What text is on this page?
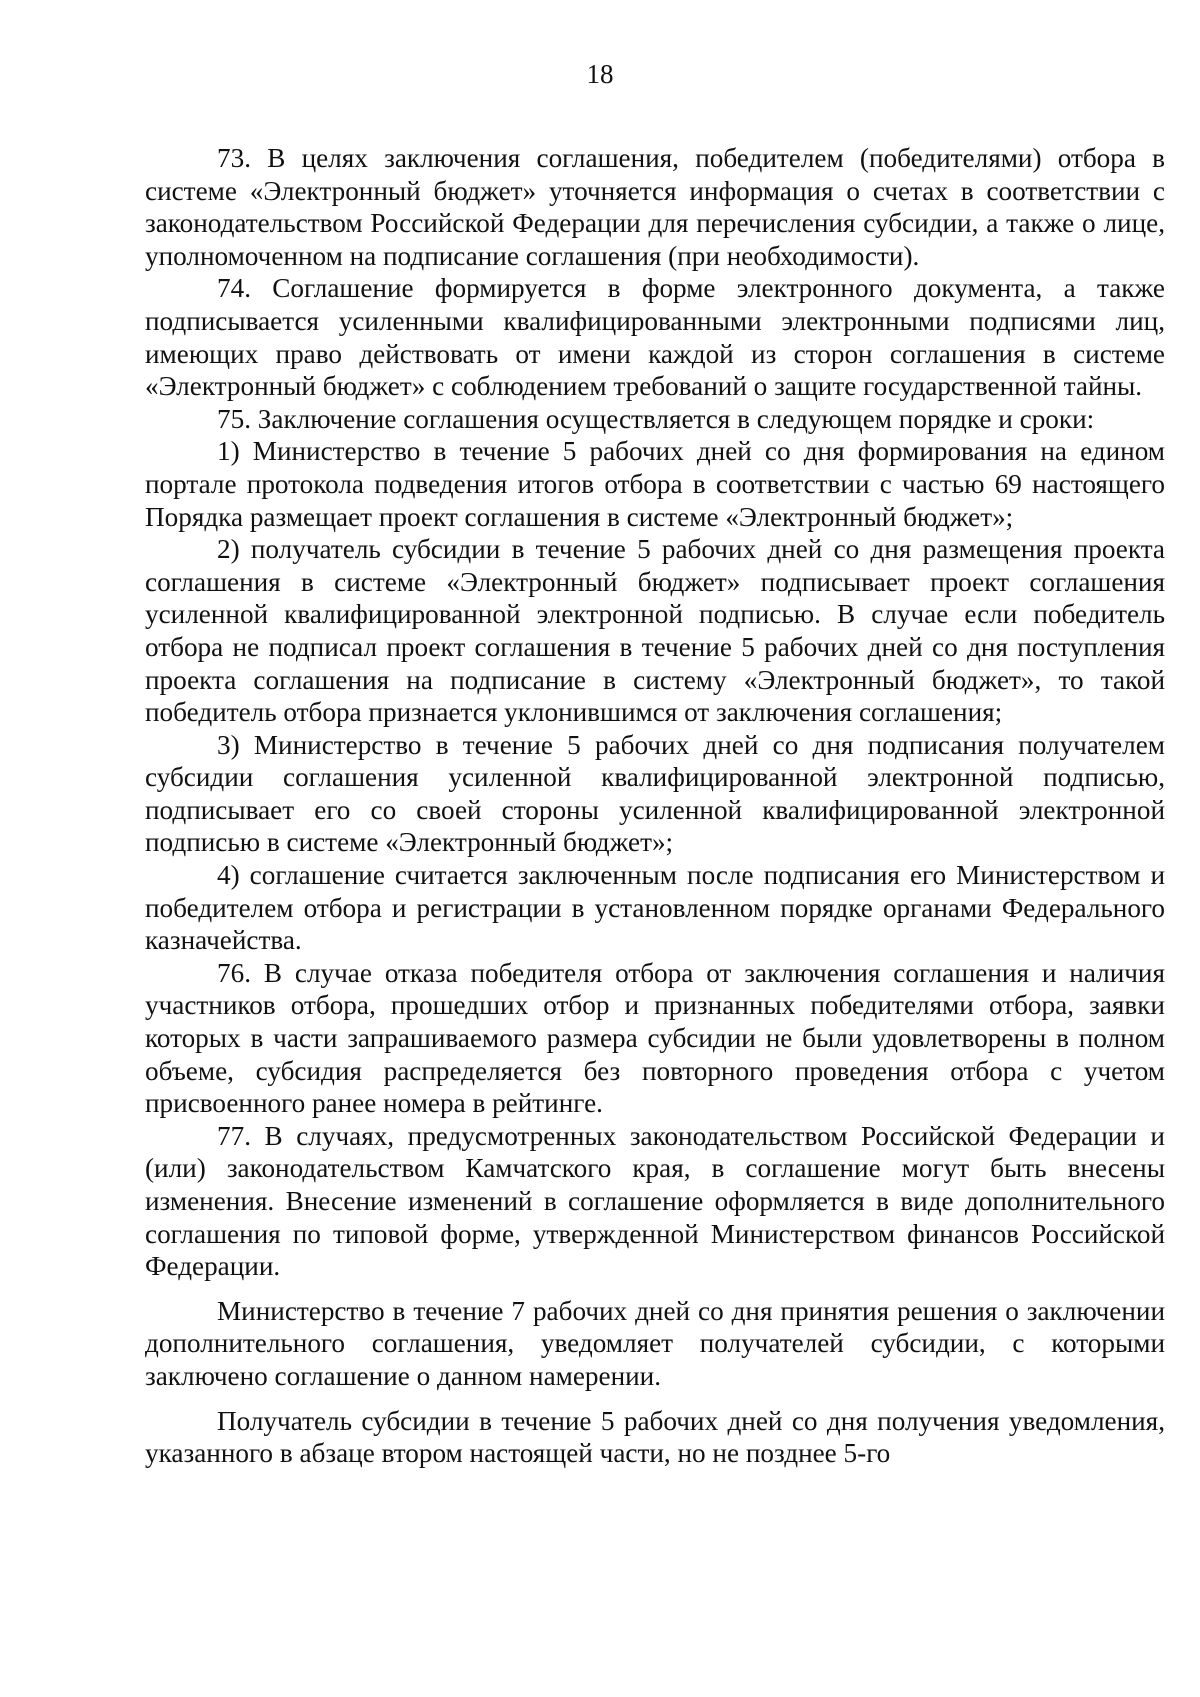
18

73. В целях заключения соглашения, победителем (победителями) отбора в системе «Электронный бюджет» уточняется информация о счетах в соответствии с законодательством Российской Федерации для перечисления субсидии, а также о лице, уполномоченном на подписание соглашения (при необходимости).

74. Соглашение формируется в форме электронного документа, а также подписывается усиленными квалифицированными электронными подписями лиц, имеющих право действовать от имени каждой из сторон соглашения в системе «Электронный бюджет» с соблюдением требований о защите государственной тайны.

75. Заключение соглашения осуществляется в следующем порядке и сроки:

1) Министерство в течение 5 рабочих дней со дня формирования на едином портале протокола подведения итогов отбора в соответствии с частью 69 настоящего Порядка размещает проект соглашения в системе «Электронный бюджет»;

2) получатель субсидии в течение 5 рабочих дней со дня размещения проекта соглашения в системе «Электронный бюджет» подписывает проект соглашения усиленной квалифицированной электронной подписью. В случае если победитель отбора не подписал проект соглашения в течение 5 рабочих дней со дня поступления проекта соглашения на подписание в систему «Электронный бюджет», то такой победитель отбора признается уклонившимся от заключения соглашения;

3) Министерство в течение 5 рабочих дней со дня подписания получателем субсидии соглашения усиленной квалифицированной электронной подписью, подписывает его со своей стороны усиленной квалифицированной электронной подписью в системе «Электронный бюджет»;

4) соглашение считается заключенным после подписания его Министерством и победителем отбора и регистрации в установленном порядке органами Федерального казначейства.

76. В случае отказа победителя отбора от заключения соглашения и наличия участников отбора, прошедших отбор и признанных победителями отбора, заявки которых в части запрашиваемого размера субсидии не были удовлетворены в полном объеме, субсидия распределяется без повторного проведения отбора с учетом присвоенного ранее номера в рейтинге.

77. В случаях, предусмотренных законодательством Российской Федерации и (или) законодательством Камчатского края, в соглашение могут быть внесены изменения. Внесение изменений в соглашение оформляется в виде дополнительного соглашения по типовой форме, утвержденной Министерством финансов Российской Федерации.

Министерство в течение 7 рабочих дней со дня принятия решения о заключении дополнительного соглашения, уведомляет получателей субсидии, с которыми заключено соглашение о данном намерении.

Получатель субсидии в течение 5 рабочих дней со дня получения уведомления, указанного в абзаце втором настоящей части, но не позднее 5-го
